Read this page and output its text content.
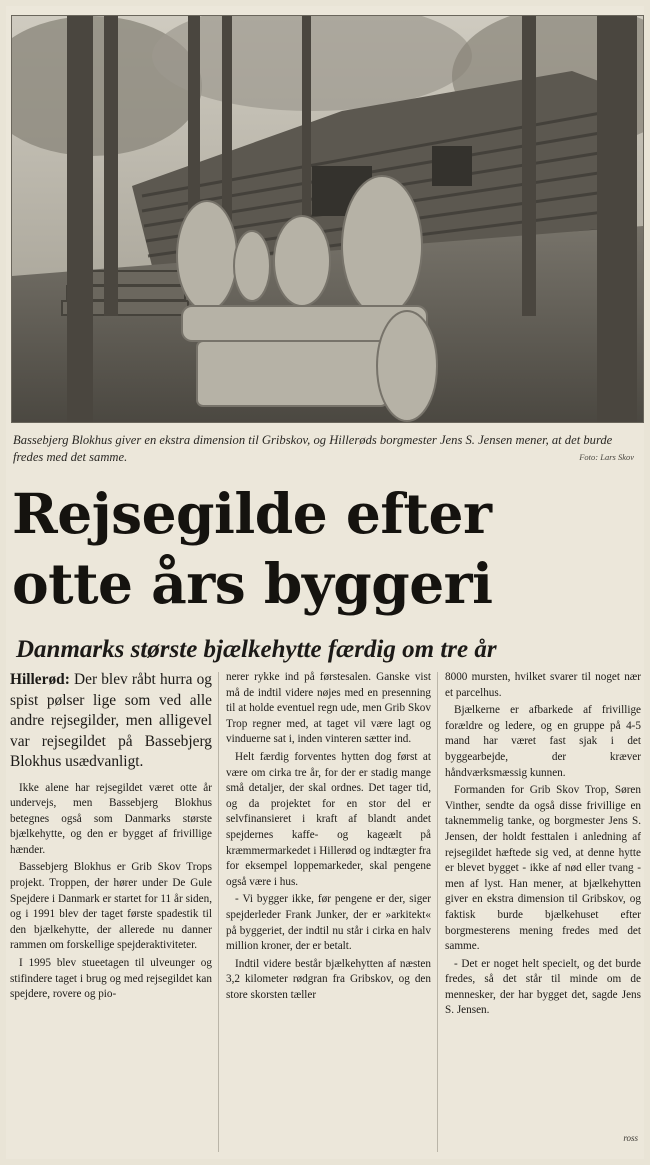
Bassebjerg Blokhus giver en ekstra dimension til Gribskov, og Hillerøds borgmester Jens S. Jensen mener, at det burde fredes med det samme.	Foto: Lars Skov
Rejsegilde efter
otte års byggeri
Danmarks største bjælkehytte færdig om tre år

Hillerød: Der blev råbt hurra og spist pølser lige som ved alle andre rejsegilder, men alligevel var rejsegildet på Bassebjerg Blokhus usædvanligt.

Ikke alene har rejsegildet været otte år undervejs, men Bassebjerg Blokhus betegnes også som Danmarks største bjælkehytte, og den er bygget af frivillige hænder.

Bassebjerg Blokhus er Grib Skov Trops projekt. Troppen, der hører under De Gule Spejdere i Danmark er startet for 11 år siden, og i 1991 blev der taget første spadestik til den bjælkehytte, der allerede nu danner rammen om forskellige spejderaktiviteter.

I 1995 blev stueetagen til ulveunger og stifindere taget i brug og med rejsegildet kan spejdere, rovere og pio-

nerer rykke ind på førstesalen. Ganske vist må de indtil videre nøjes med en presenning til at holde eventuel regn ude, men Grib Skov Trop regner med, at taget vil være lagt og vinduerne sat i, inden vinteren sætter ind.

Helt færdig forventes hytten dog først at være om cirka tre år, for der er stadig mange små detaljer, der skal ordnes. Det tager tid, og da projektet for en stor del er selvfinansieret i kraft af blandt andet spejdernes kaffe- og kageælt på kræmmermarkedet i Hillerød og indtægter fra for eksempel loppemarkeder, skal pengene også være i hus.

- Vi bygger ikke, før pengene er der, siger spejderleder Frank Junker, der er »arkitekt« på byggeriet, der indtil nu står i cirka en halv million kroner, der er betalt.

Indtil videre består bjælkehytten af næsten 3,2 kilometer rødgran fra Gribskov, og den store skorsten tæller

8000 mursten, hvilket svarer til noget nær et parcelhus.

Bjælkerne er afbarkede af frivillige forældre og ledere, og en gruppe på 4-5 mand har været fast sjak i det byggearbejde, der kræver håndværksmæssig kunnen.

Formanden for Grib Skov Trop, Søren Vinther, sendte da også disse frivillige en taknemmelig tanke, og borgmester Jens S. Jensen, der holdt festtalen i anledning af rejsegildet hæftede sig ved, at denne hytte er blevet bygget - ikke af nød eller tvang - men af lyst. Han mener, at bjælkehytten giver en ekstra dimension til Gribskov, og faktisk burde bjælkehuset efter borgmesterens mening fredes med det samme.

- Det er noget helt specielt, og det burde fredes, så det står til minde om de mennesker, der har bygget det, sagde Jens S. Jensen.

ross
